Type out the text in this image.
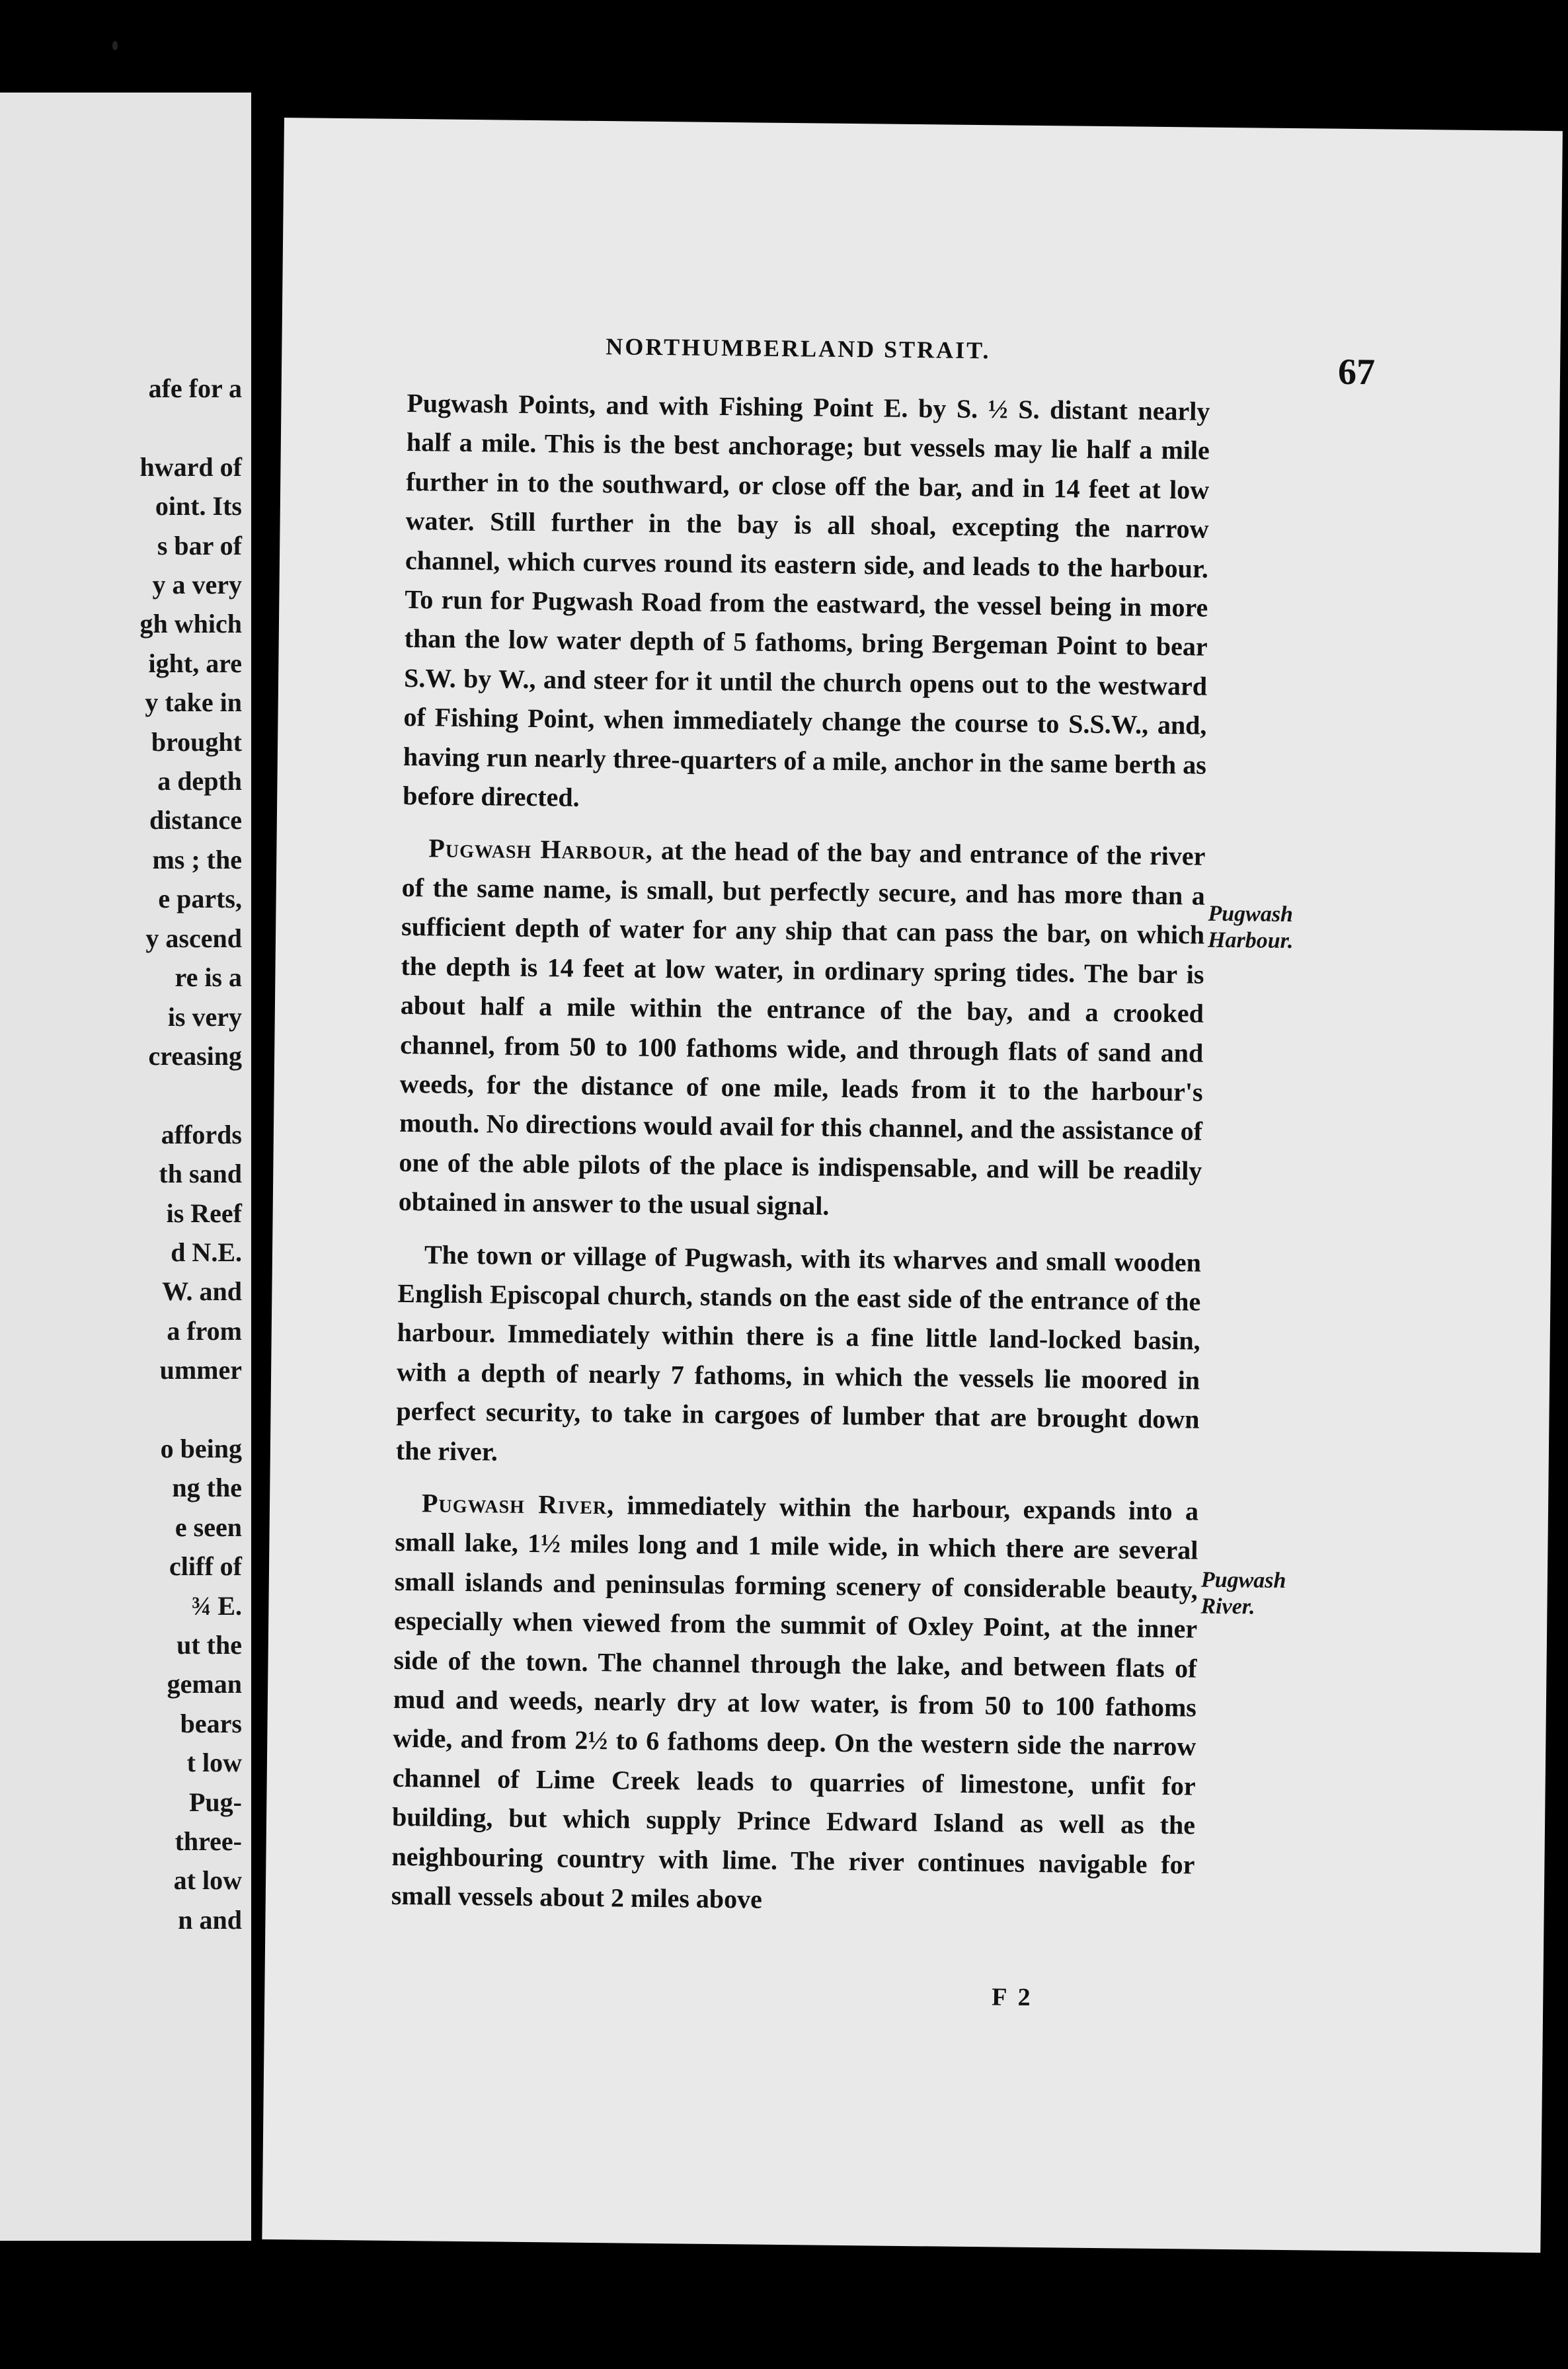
afe for a

hward of
oint. Its
s bar of
y a very
gh which
ight, are
y take in
brought
a depth
distance
ms ; the
e parts,
y ascend
re is a
is very
creasing

affords
th sand
is Reef
d N.E.
W. and
a from
ummer

o being
ng the
e seen
cliff of
¾ E.
ut the
geman
bears
t low
Pug-
three-
at low
n and
NORTHUMBERLAND STRAIT.
67

Pugwash Points, and with Fishing Point E. by S. ½ S. distant nearly half a mile. This is the best anchorage; but vessels may lie half a mile further in to the southward, or close off the bar, and in 14 feet at low water. Still further in the bay is all shoal, excepting the narrow channel, which curves round its eastern side, and leads to the harbour. To run for Pugwash Road from the eastward, the vessel being in more than the low water depth of 5 fathoms, bring Bergeman Point to bear S.W. by W., and steer for it until the church opens out to the westward of Fishing Point, when immediately change the course to S.S.W., and, having run nearly three-quarters of a mile, anchor in the same berth as before directed.

Pugwash Harbour, at the head of the bay and entrance of the river of the same name, is small, but perfectly secure, and has more than a sufficient depth of water for any ship that can pass the bar, on which the depth is 14 feet at low water, in ordinary spring tides. The bar is about half a mile within the entrance of the bay, and a crooked channel, from 50 to 100 fathoms wide, and through flats of sand and weeds, for the distance of one mile, leads from it to the harbour's mouth. No directions would avail for this channel, and the assistance of one of the able pilots of the place is indispensable, and will be readily obtained in answer to the usual signal.

The town or village of Pugwash, with its wharves and small wooden English Episcopal church, stands on the east side of the entrance of the harbour. Immediately within there is a fine little land-locked basin, with a depth of nearly 7 fathoms, in which the vessels lie moored in perfect security, to take in cargoes of lumber that are brought down the river.

Pugwash River, immediately within the harbour, expands into a small lake, 1½ miles long and 1 mile wide, in which there are several small islands and peninsulas forming scenery of considerable beauty, especially when viewed from the summit of Oxley Point, at the inner side of the town. The channel through the lake, and between flats of mud and weeds, nearly dry at low water, is from 50 to 100 fathoms wide, and from 2½ to 6 fathoms deep. On the western side the narrow channel of Lime Creek leads to quarries of limestone, unfit for building, but which supply Prince Edward Island as well as the neighbouring country with lime. The river continues navigable for small vessels about 2 miles above

Pugwash
Harbour.
Pugwash
River.
F 2
